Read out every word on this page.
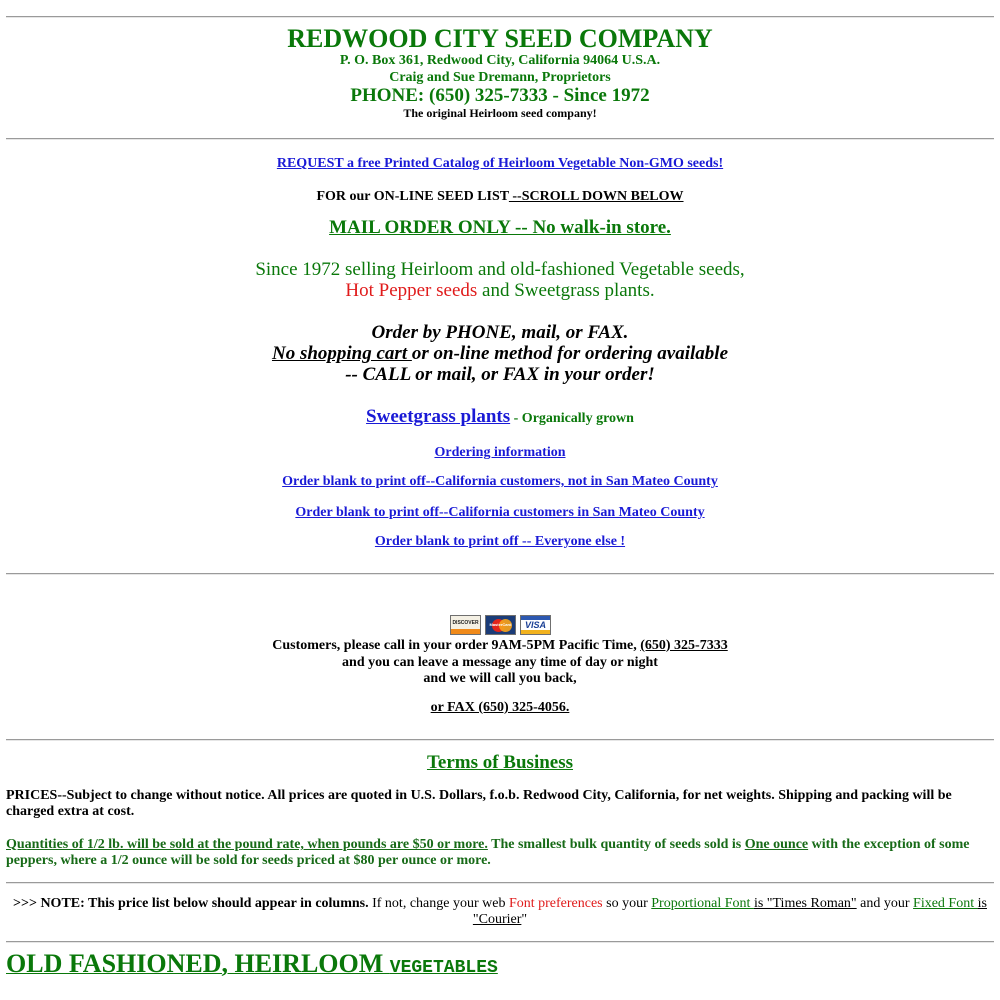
REDWOOD CITY SEED COMPANY
P. O. Box 361, Redwood City, California 94064 U.S.A.
Craig and Sue Dremann, Proprietors
PHONE: (650) 325-7333 - Since 1972
The original Heirloom seed company!
REQUEST a free Printed Catalog of Heirloom Vegetable Non-GMO seeds!
FOR our ON-LINE SEED LIST --SCROLL DOWN BELOW
MAIL ORDER ONLY -- No walk-in store.
Since 1972 selling Heirloom and old-fashioned Vegetable seeds,
Hot Pepper seeds and Sweetgrass plants.
Order by PHONE, mail, or FAX.
No shopping cart or on-line method for ordering available
-- CALL or mail, or FAX in your order!
Sweetgrass plants - Organically grown
Ordering information
Order blank to print off--California customers, not in San Mateo County
Order blank to print off--California customers in San Mateo County
Order blank to print off -- Everyone else !
DISCOVER	MasterCard	VISA
Customers, please call in your order 9AM-5PM Pacific Time, (650) 325-7333
and you can leave a message any time of day or night
and we will call you back,
or FAX (650) 325-4056.
Terms of Business
PRICES--Subject to change without notice. All prices are quoted in U.S. Dollars, f.o.b. Redwood City, California, for net weights. Shipping and packing will be charged extra at cost.
Quantities of 1/2 lb. will be sold at the pound rate, when pounds are $50 or more. The smallest bulk quantity of seeds sold is One ounce with the exception of some peppers, where a 1/2 ounce will be sold for seeds priced at $80 per ounce or more.
>>> NOTE: This price list below should appear in columns. If not, change your web Font preferences so your Proportional Font is "Times Roman" and your Fixed Font is
"Courier"
OLD FASHIONED, HEIRLOOM VEGETABLES
